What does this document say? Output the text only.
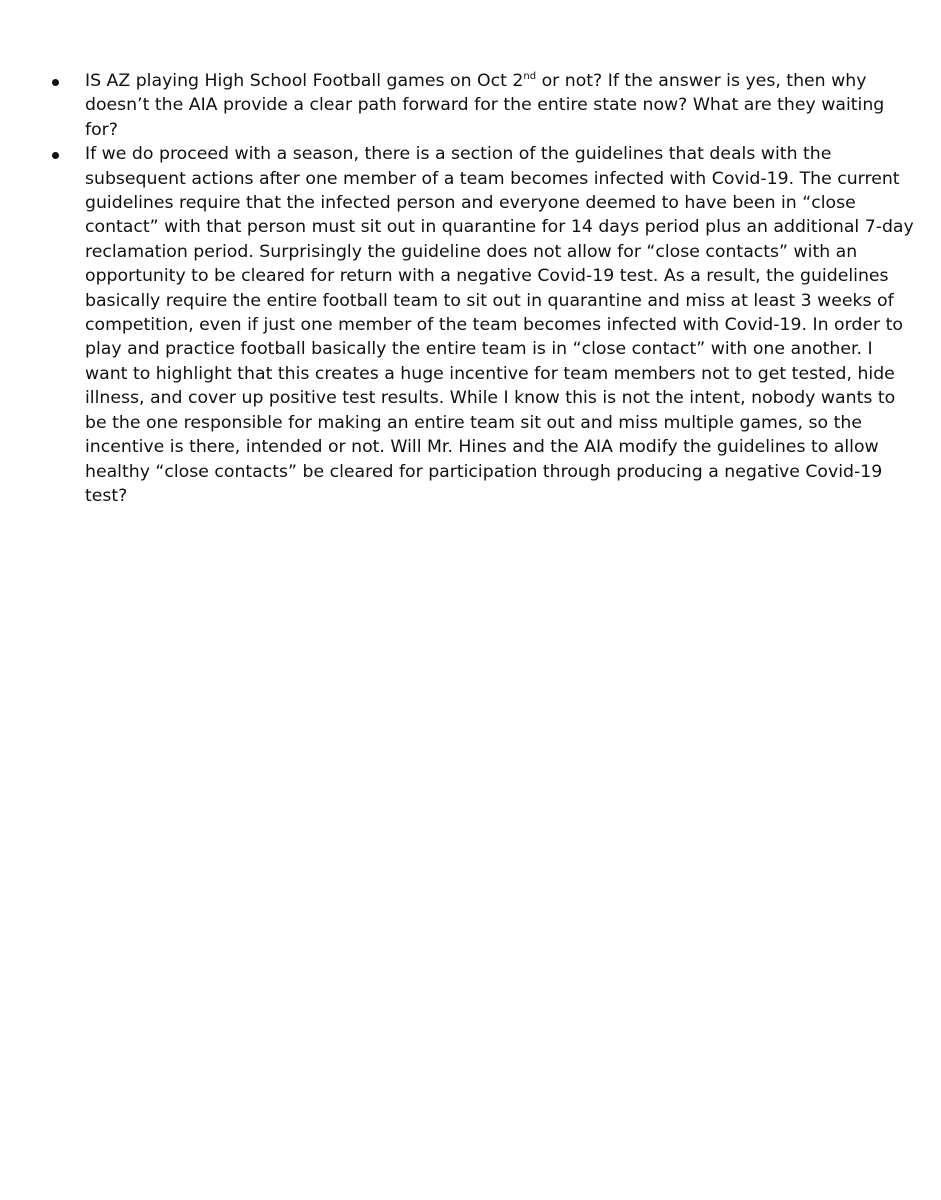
IS AZ playing High School Football games on Oct 2nd or not? If the answer is yes, then why
doesn’t the AIA provide a clear path forward for the entire state now? What are they waiting
for?
If we do proceed with a season, there is a section of the guidelines that deals with the
subsequent actions after one member of a team becomes infected with Covid-19. The current
guidelines require that the infected person and everyone deemed to have been in “close
contact” with that person must sit out in quarantine for 14 days period plus an additional 7-day
reclamation period. Surprisingly the guideline does not allow for “close contacts” with an
opportunity to be cleared for return with a negative Covid-19 test. As a result, the guidelines
basically require the entire football team to sit out in quarantine and miss at least 3 weeks of
competition, even if just one member of the team becomes infected with Covid-19. In order to
play and practice football basically the entire team is in “close contact” with one another. I
want to highlight that this creates a huge incentive for team members not to get tested, hide
illness, and cover up positive test results. While I know this is not the intent, nobody wants to
be the one responsible for making an entire team sit out and miss multiple games, so the
incentive is there, intended or not. Will Mr. Hines and the AIA modify the guidelines to allow
healthy “close contacts” be cleared for participation through producing a negative Covid-19
test?
